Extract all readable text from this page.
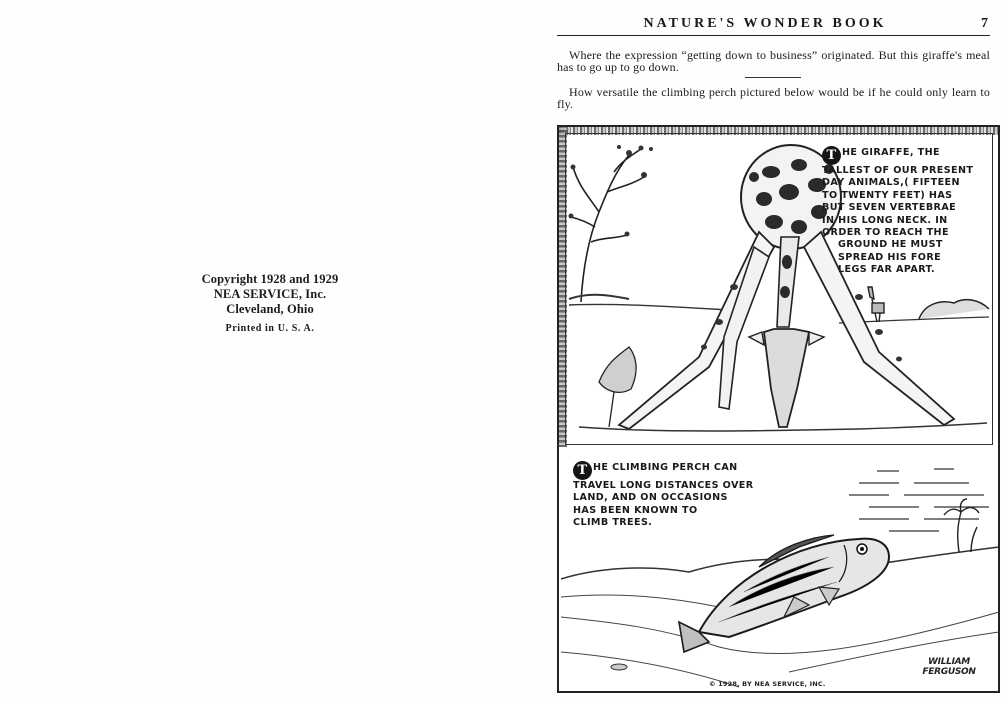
Copyright 1928 and 1929
NEA SERVICE, Inc.
Cleveland, Ohio
Printed in U. S. A.
NATURE'S WONDER BOOK	7

Where the expression “getting down to business” originated. But this giraffe's meal has to go up to go down.

How versatile the climbing perch pictured below would be if he could only learn to fly.

T HE GIRAFFE, THE
TALLEST OF OUR PRESENT
DAY ANIMALS,( FIFTEEN
TO TWENTY FEET) HAS
BUT SEVEN VERTEBRAE
IN HIS LONG NECK. IN
ORDER TO REACH THE
GROUND HE MUST
SPREAD HIS FORE
LEGS FAR APART.
T HE CLIMBING PERCH CAN
TRAVEL LONG DISTANCES OVER
LAND, AND ON OCCASIONS
HAS BEEN KNOWN TO
CLIMB TREES.
WILLIAM
FERGUSON
© 1928, BY NEA SERVICE, INC.
